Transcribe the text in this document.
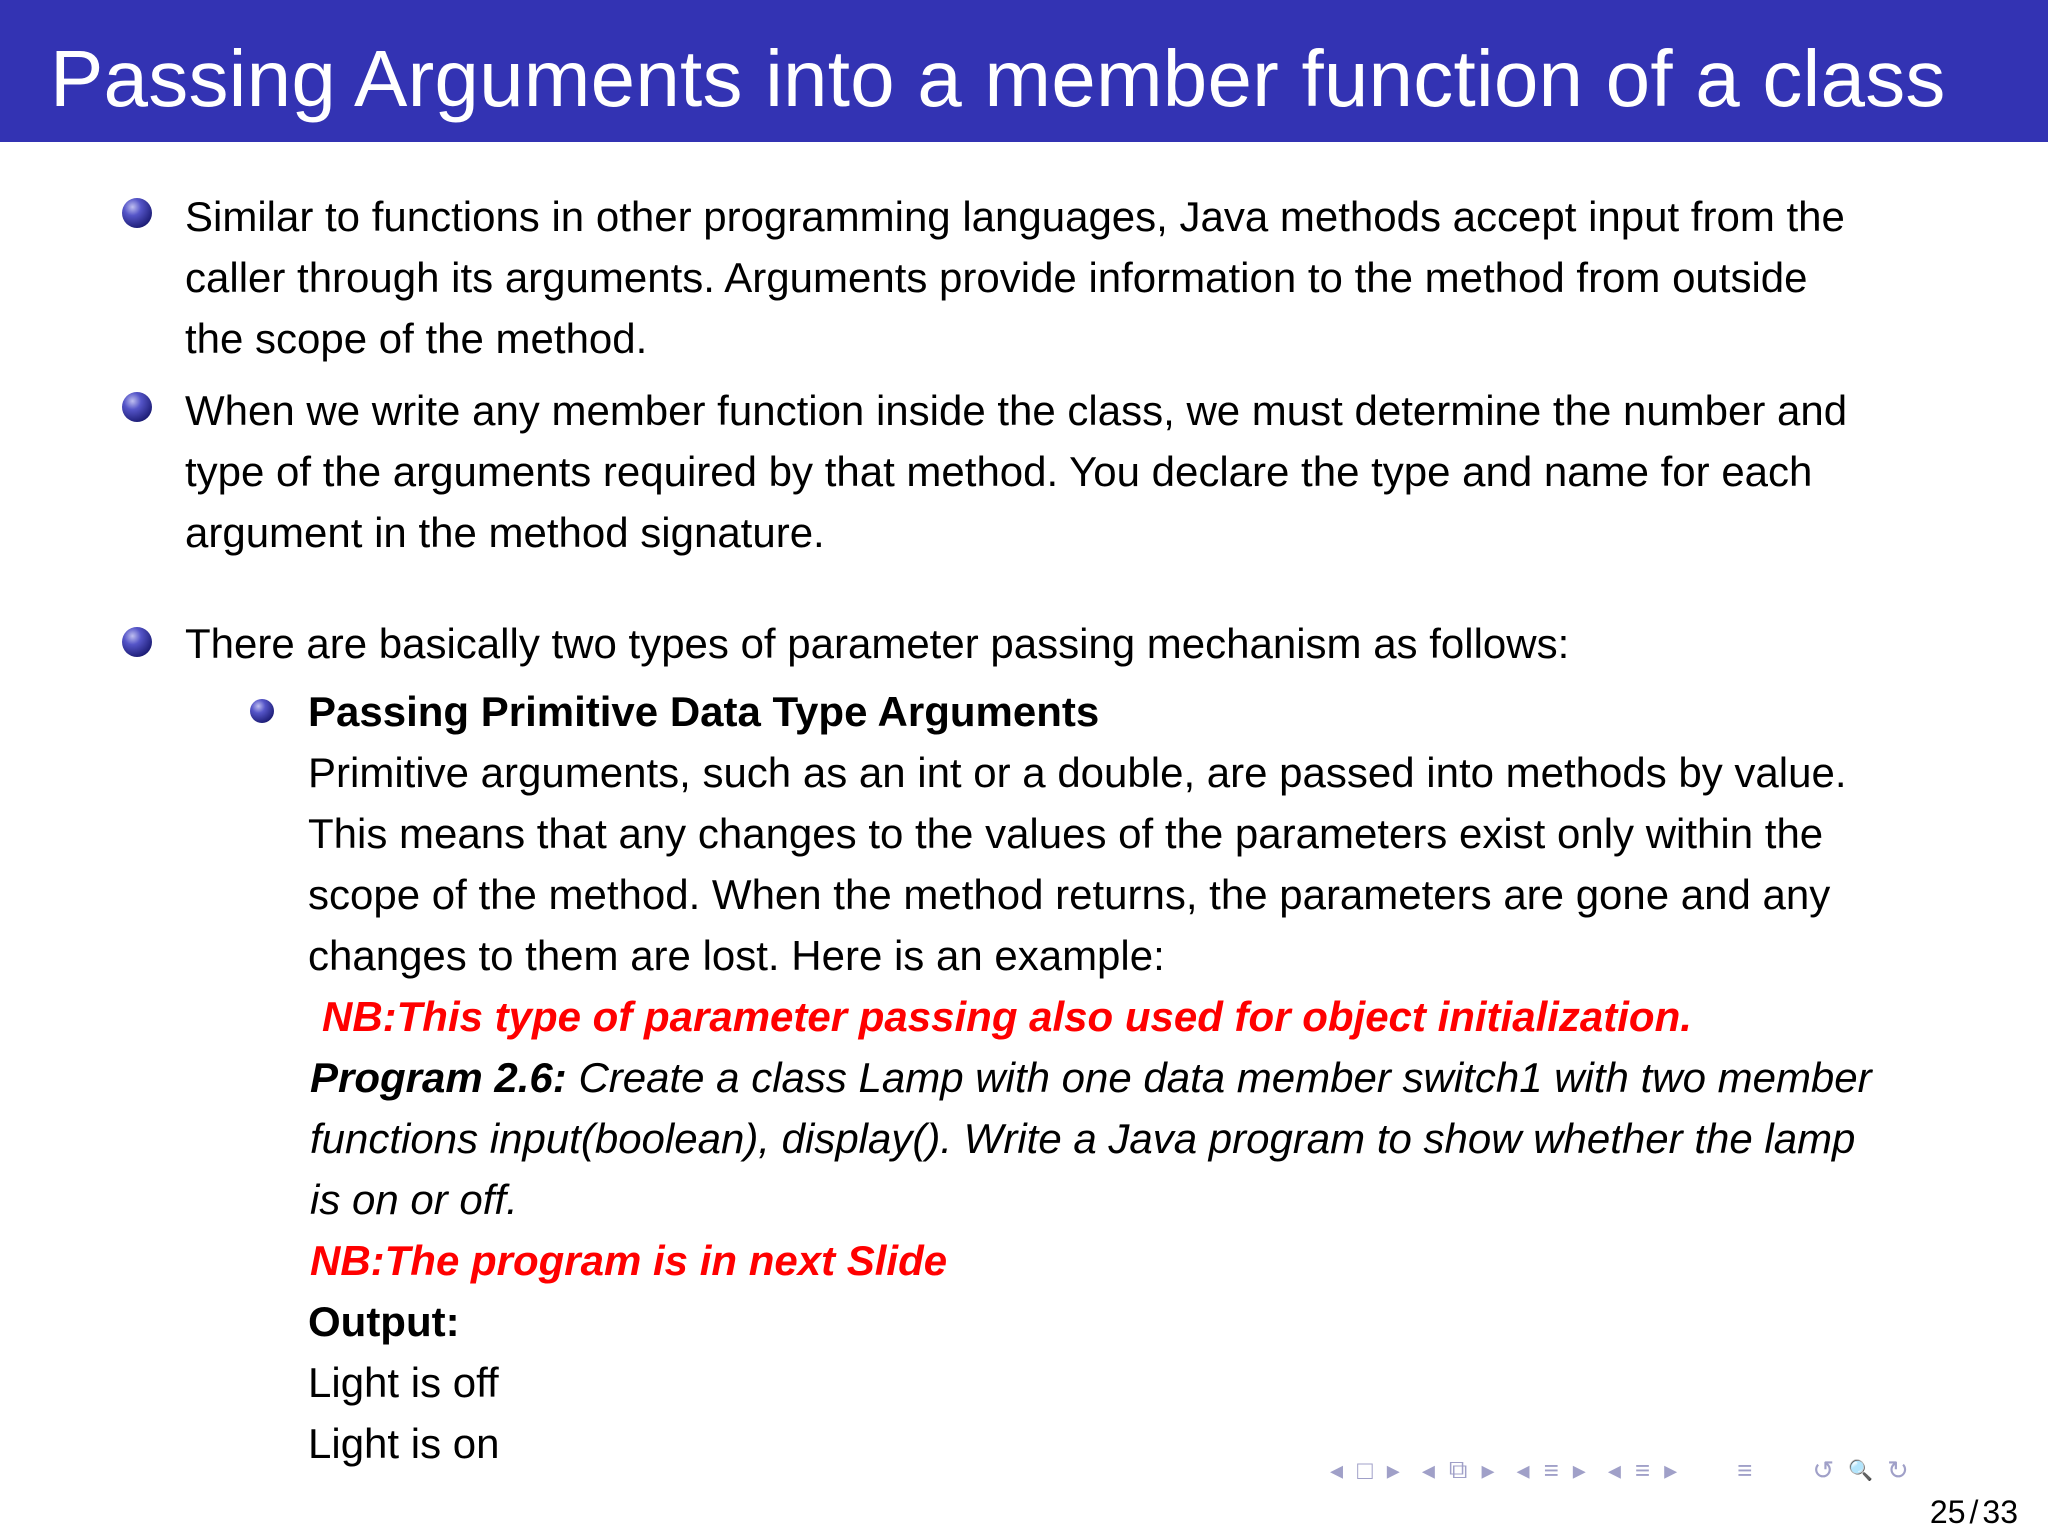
Passing Arguments into a member function of a class
Similar to functions in other programming languages, Java methods accept input from the
caller through its arguments. Arguments provide information to the method from outside
the scope of the method.
When we write any member function inside the class, we must determine the number and
type of the arguments required by that method. You declare the type and name for each
argument in the method signature.
There are basically two types of parameter passing mechanism as follows:
Passing Primitive Data Type Arguments
Primitive arguments, such as an int or a double, are passed into methods by value.
This means that any changes to the values of the parameters exist only within the
scope of the method. When the method returns, the parameters are gone and any
changes to them are lost. Here is an example:
NB:This type of parameter passing also used for object initialization.
Program 2.6: Create a class Lamp with one data member switch1 with two member
functions input(boolean), display(). Write a Java program to show whether the lamp
is on or off.
NB:The program is in next Slide
Output:
Light is off
Light is on
◂ □ ▸ ◂ ⧉ ▸ ◂ ≡ ▸ ◂ ≡ ▸ ≡ ↺ 🔍 ↻
25 / 33
